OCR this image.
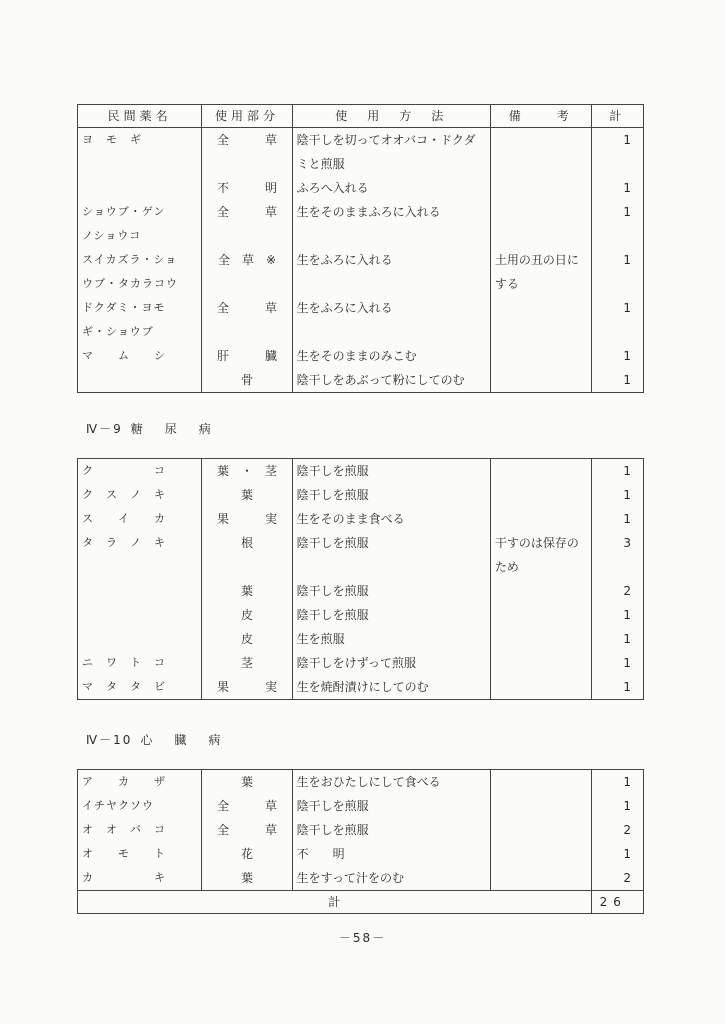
民間薬名	使用部分	使　用　方　法	備　　考	計
ヨ　モ　ギ	全　　　草	陰干しを切ってオオバコ・ドクダ		1
		ミと煎服		
	不　　　明	ふろへ入れる		1
ショウブ・ゲン	全　　　草	生をそのままふろに入れる		1
ノショウコ				
スイカズラ・ショ	全　草　※	生をふろに入れる	土用の丑の日に	1
ウブ・タカラコウ			する	
ドクダミ・ヨモ	全　　　草	生をふろに入れる		1
ギ・ショウブ				
マ　　ム　　シ	肝　　　臓	生をそのままのみこむ		1
	骨	陰干しをあぶって粉にしてのむ		1
Ⅳ－9 糖尿病
ク　　　　　コ	葉　・　茎	陰干しを煎服		1
ク　ス　ノ　キ	葉	陰干しを煎服		1
ス　　イ　　カ	果　　　実	生をそのまま食べる		1
タ　ラ　ノ　キ	根	陰干しを煎服	干すのは保存の	3
			ため	
	葉	陰干しを煎服		2
	皮	陰干しを煎服		1
	皮	生を煎服		1
ニ　ワ　ト　コ	茎	陰干しをけずって煎服		1
マ　タ　タ　ビ	果　　　実	生を焼酎漬けにしてのむ		1
Ⅳ－10 心臓病
ア　　カ　　ザ	葉	生をおひたしにして食べる		1
イチヤクソウ	全　　　草	陰干しを煎服		1
オ　オ　バ　コ	全　　　草	陰干しを煎服		2
オ　　モ　　ト	花	不　　明		1
カ　　　　　キ	葉	生をすって汁をのむ		2
計				26
－58－
